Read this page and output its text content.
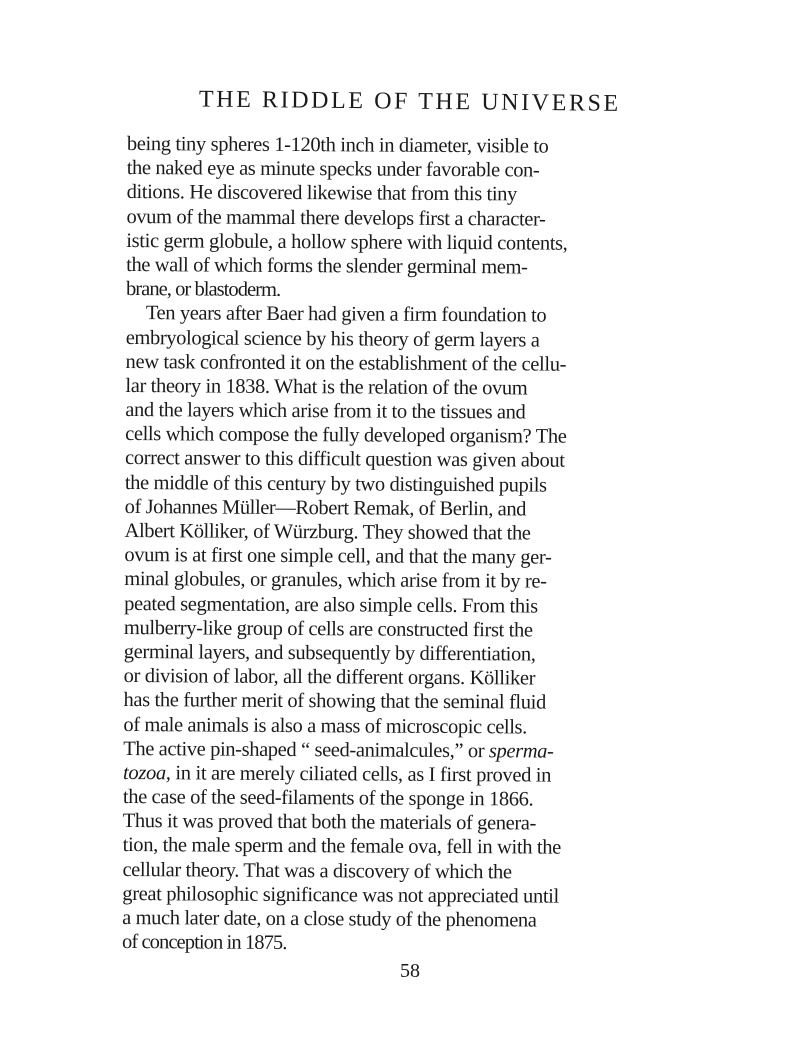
THE RIDDLE OF THE UNIVERSE
being tiny spheres 1-120th inch in diameter, visible to
the naked eye as minute specks under favorable con-
ditions. He discovered likewise that from this tiny
ovum of the mammal there develops first a character-
istic germ globule, a hollow sphere with liquid contents,
the wall of which forms the slender germinal mem-
brane, or blastoderm.
Ten years after Baer had given a firm foundation to
embryological science by his theory of germ layers a
new task confronted it on the establishment of the cellu-
lar theory in 1838. What is the relation of the ovum
and the layers which arise from it to the tissues and
cells which compose the fully developed organism? The
correct answer to this difficult question was given about
the middle of this century by two distinguished pupils
of Johannes Müller—Robert Remak, of Berlin, and
Albert Kölliker, of Würzburg. They showed that the
ovum is at first one simple cell, and that the many ger-
minal globules, or granules, which arise from it by re-
peated segmentation, are also simple cells. From this
mulberry-like group of cells are constructed first the
germinal layers, and subsequently by differentiation,
or division of labor, all the different organs. Kölliker
has the further merit of showing that the seminal fluid
of male animals is also a mass of microscopic cells.
The active pin-shaped “ seed-animalcules,” or sperma-
tozoa, in it are merely ciliated cells, as I first proved in
the case of the seed-filaments of the sponge in 1866.
Thus it was proved that both the materials of genera-
tion, the male sperm and the female ova, fell in with the
cellular theory. That was a discovery of which the
great philosophic significance was not appreciated until
a much later date, on a close study of the phenomena
of conception in 1875.
58
